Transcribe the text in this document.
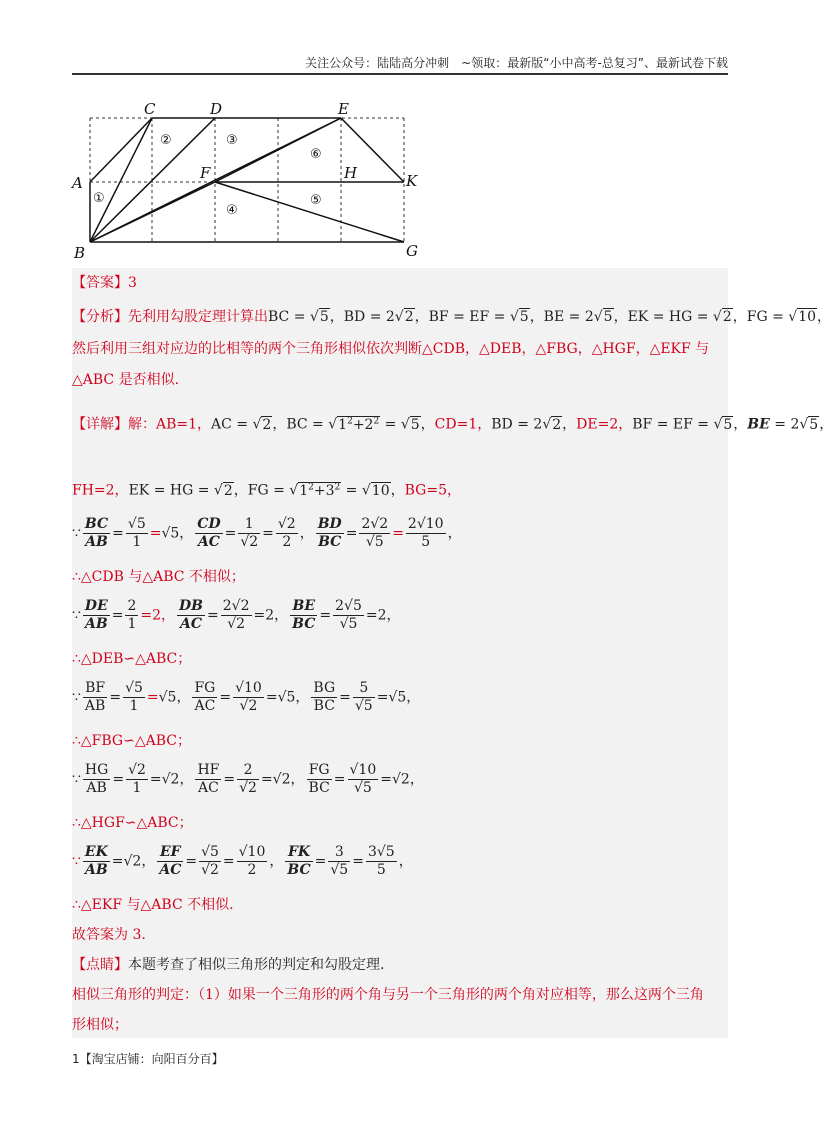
关注公众号：陆陆高分冲刺　~领取：最新版“小中高考-总复习”、最新试卷下载
A
B
C	D	E
F
G
H	K
①
②	③
④
⑤
⑥
【答案】3
【分析】先利用勾股定理计算出BC = √5，BD = 2√2，BF = EF = √5，BE = 2√5，EK = HG = √2，FG = √10，
然后利用三组对应边的比相等的两个三角形相似依次判断△CDB，△DEB，△FBG，△HGF，△EKF 与
△ABC 是否相似.
【详解】解：AB=1，AC = √2，BC = $√1^2+2^2 = √5$，CD=1，BD = 2√2，DE=2，BF = EF = √5，BE = 2√5，
FH=2，EK = HG = √2，FG = $√1^2+3^2 = √10$，BG=5，
∵ $\frac{BC}{AB} = \frac{√5}{1} =√5$， $\frac{CD}{AC} = \frac{1}{√2} = \frac{√2}{2}$ ， $\frac{BD}{BC} = \frac{2√2}{√5} = \frac{2√10}{5}$ ，
∴△CDB 与△ABC 不相似；
∵ $\frac{DE}{AB} = \frac{2}{1} =2$， $\frac{DB}{AC} = \frac{2√2}{√2} =2$， $\frac{BE}{BC} = \frac{2√5}{√5} =2$，
∴△DEB∽△ABC；
∵ $\frac{BF}{AB} = \frac{√5}{1} =√5$， $\frac{FG}{AC} = \frac{√10}{√2} =√5$， $\frac{BG}{BC} = \frac{5}{√5} =√5$，
∴△FBG∽△ABC；
∵ $\frac{HG}{AB} = \frac{√2}{1} =√2$， $\frac{HF}{AC} = \frac{2}{√2} =√2$， $\frac{FG}{BC} = \frac{√10}{√5} =√2$，
∴△HGF∽△ABC；
∵ $\frac{EK}{AB} =√2$， $\frac{EF}{AC} = \frac{√5}{√2} = \frac{√10}{2}$ ， $\frac{FK}{BC} = \frac{3}{√5} = \frac{3√5}{5}$ ，
∴△EKF 与△ABC 不相似.
故答案为 3.
【点睛】本题考查了相似三角形的判定和勾股定理.
相似三角形的判定：（1）如果一个三角形的两个角与另一个三角形的两个角对应相等，那么这两个三角
形相似；
1【淘宝店铺：向阳百分百】
